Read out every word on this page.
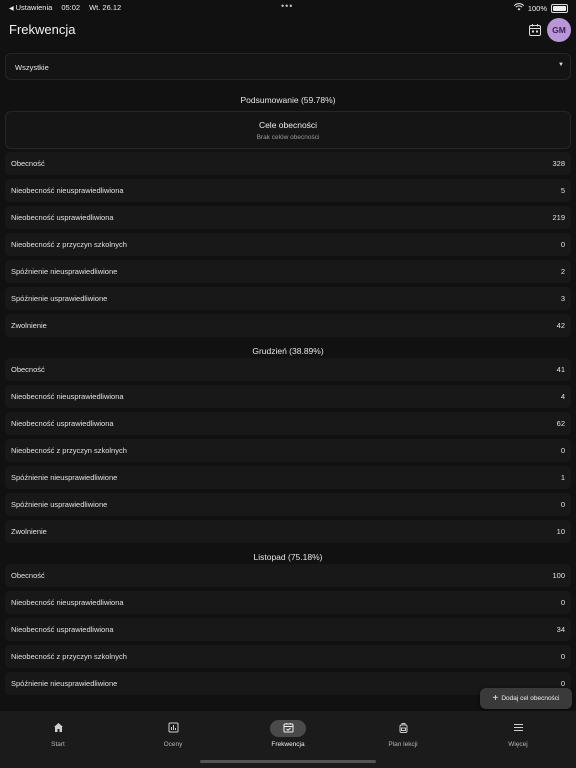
◀ Ustawienia 05:02 Wt. 26.12	•••	100%
Frekwencja	GM
Wszystkie	▼
Podsumowanie (59.78%)
Cele obecności
Brak celów obecności
Obecność	328
Nieobecność nieusprawiedliwiona	5
Nieobecność usprawiedliwiona	219
Nieobecność z przyczyn szkolnych	0
Spóźnienie nieusprawiedliwione	2
Spóźnienie usprawiedliwione	3
Zwolnienie	42
Grudzień (38.89%)
Obecność	41
Nieobecność nieusprawiedliwiona	4
Nieobecność usprawiedliwiona	62
Nieobecność z przyczyn szkolnych	0
Spóźnienie nieusprawiedliwione	1
Spóźnienie usprawiedliwione	0
Zwolnienie	10
Listopad (75.18%)
Obecność	100
Nieobecność nieusprawiedliwiona	0
Nieobecność usprawiedliwiona	34
Nieobecność z przyczyn szkolnych	0
Spóźnienie nieusprawiedliwione	0
+ Dodaj cel obecności
Start	Oceny	Frekwencja	Plan lekcji	Więcej
